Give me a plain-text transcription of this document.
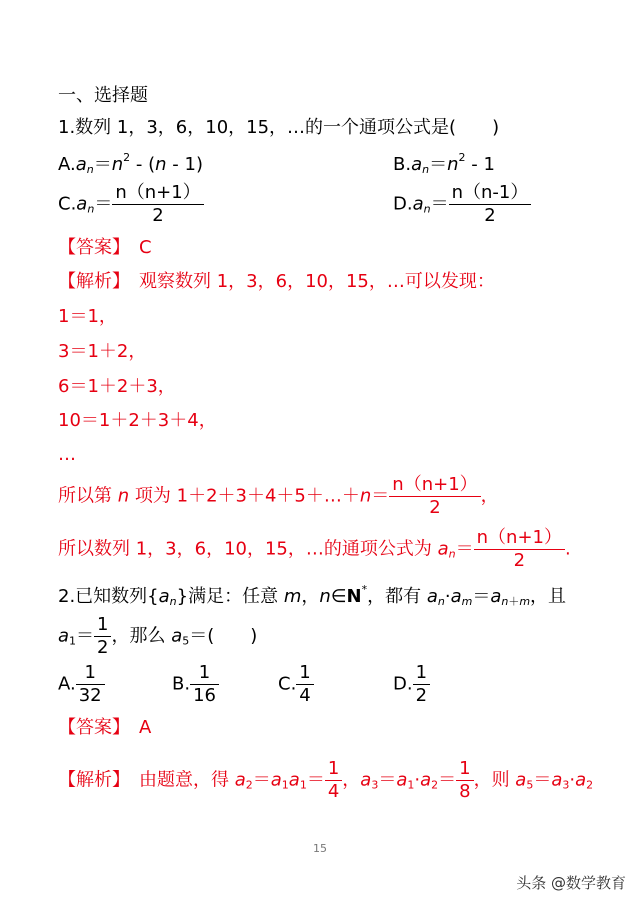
一、选择题
1.数列 1，3，6，10，15，…的一个通项公式是(　　)
$A.a_n=n^2 - (n - 1)$	$B.a_n=n^2 - 1$
$C.a_n= \frac{n(n+1)}{2}$	$D.a_n= \frac{n(n-1)}{2}$
【答案】　 C
【解析】　 观察数列 1，3，6，10，15，…可以发现：
1＝1，
3＝1＋2，
6＝1＋2＋3，
10＝1＋2＋3＋4，
…
所以第 n 项为 1＋2＋3＋4＋5＋…＋n＝ $\frac{n(n+1)}{2}$ ，
所以数列 1，3，6，10，15，…的通项公式为 $a_n= \frac{n(n+1)}{2}$ .
2.已知数列$\{a_n\}$满足：任意 m，n∈N*，都有 $a_n\cdot a_m=a_{n+m}$，且
$a_1= \frac{1}{2}$ ，那么 $a_5=$(　　)
A. $\frac{1}{32}$	B. $\frac{1}{16}$	C. $\frac{1}{4}$	D. $\frac{1}{2}$
【答案】　 A
【解析】　 由题意，得 $a_2=a_1a_1= \frac{1}{4}$ ，$a_3=a_1\cdot a_2= \frac{1}{8}$ ，则 $a_5=a_3\cdot a_2$
15
头条 @数学教育
